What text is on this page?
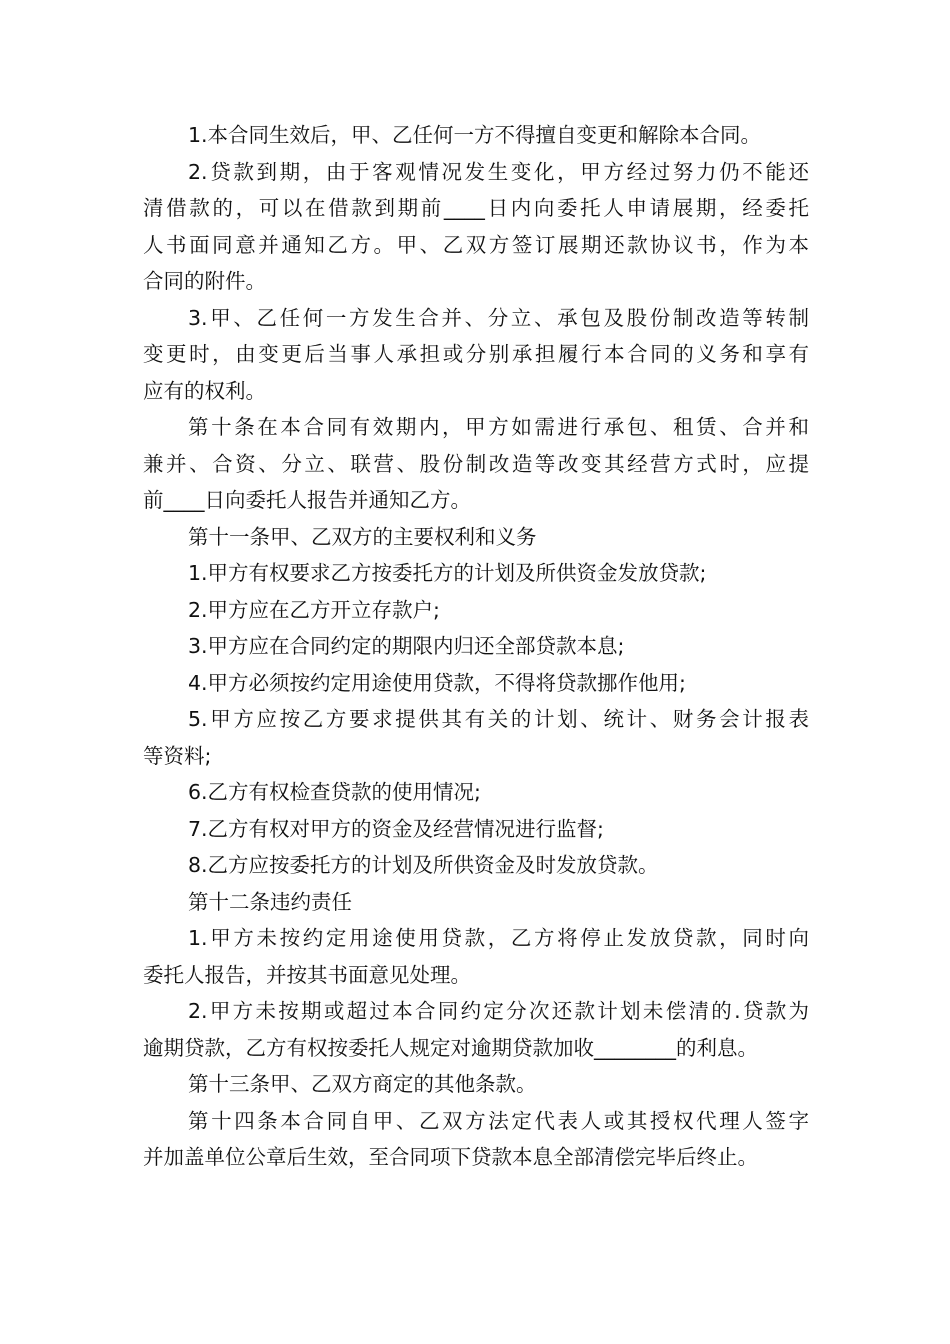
1.本合同生效后，甲、乙任何一方不得擅自变更和解除本合同。
2.贷款到期，由于客观情况发生变化，甲方经过努力仍不能还
清借款的，可以在借款到期前____日内向委托人申请展期，经委托
人书面同意并通知乙方。甲、乙双方签订展期还款协议书，作为本
合同的附件。
3.甲、乙任何一方发生合并、分立、承包及股份制改造等转制
变更时，由变更后当事人承担或分别承担履行本合同的义务和享有
应有的权利。
第十条在本合同有效期内，甲方如需进行承包、租赁、合并和
兼并、合资、分立、联营、股份制改造等改变其经营方式时，应提
前____日向委托人报告并通知乙方。
第十一条甲、乙双方的主要权利和义务
1.甲方有权要求乙方按委托方的计划及所供资金发放贷款;
2.甲方应在乙方开立存款户;
3.甲方应在合同约定的期限内归还全部贷款本息;
4.甲方必须按约定用途使用贷款，不得将贷款挪作他用;
5.甲方应按乙方要求提供其有关的计划、统计、财务会计报表
等资料;
6.乙方有权检查贷款的使用情况;
7.乙方有权对甲方的资金及经营情况进行监督;
8.乙方应按委托方的计划及所供资金及时发放贷款。
第十二条违约责任
1.甲方未按约定用途使用贷款，乙方将停止发放贷款，同时向
委托人报告，并按其书面意见处理。
2.甲方未按期或超过本合同约定分次还款计划未偿清的.贷款为
逾期贷款，乙方有权按委托人规定对逾期贷款加收________的利息。
第十三条甲、乙双方商定的其他条款。
第十四条本合同自甲、乙双方法定代表人或其授权代理人签字
并加盖单位公章后生效，至合同项下贷款本息全部清偿完毕后终止。
